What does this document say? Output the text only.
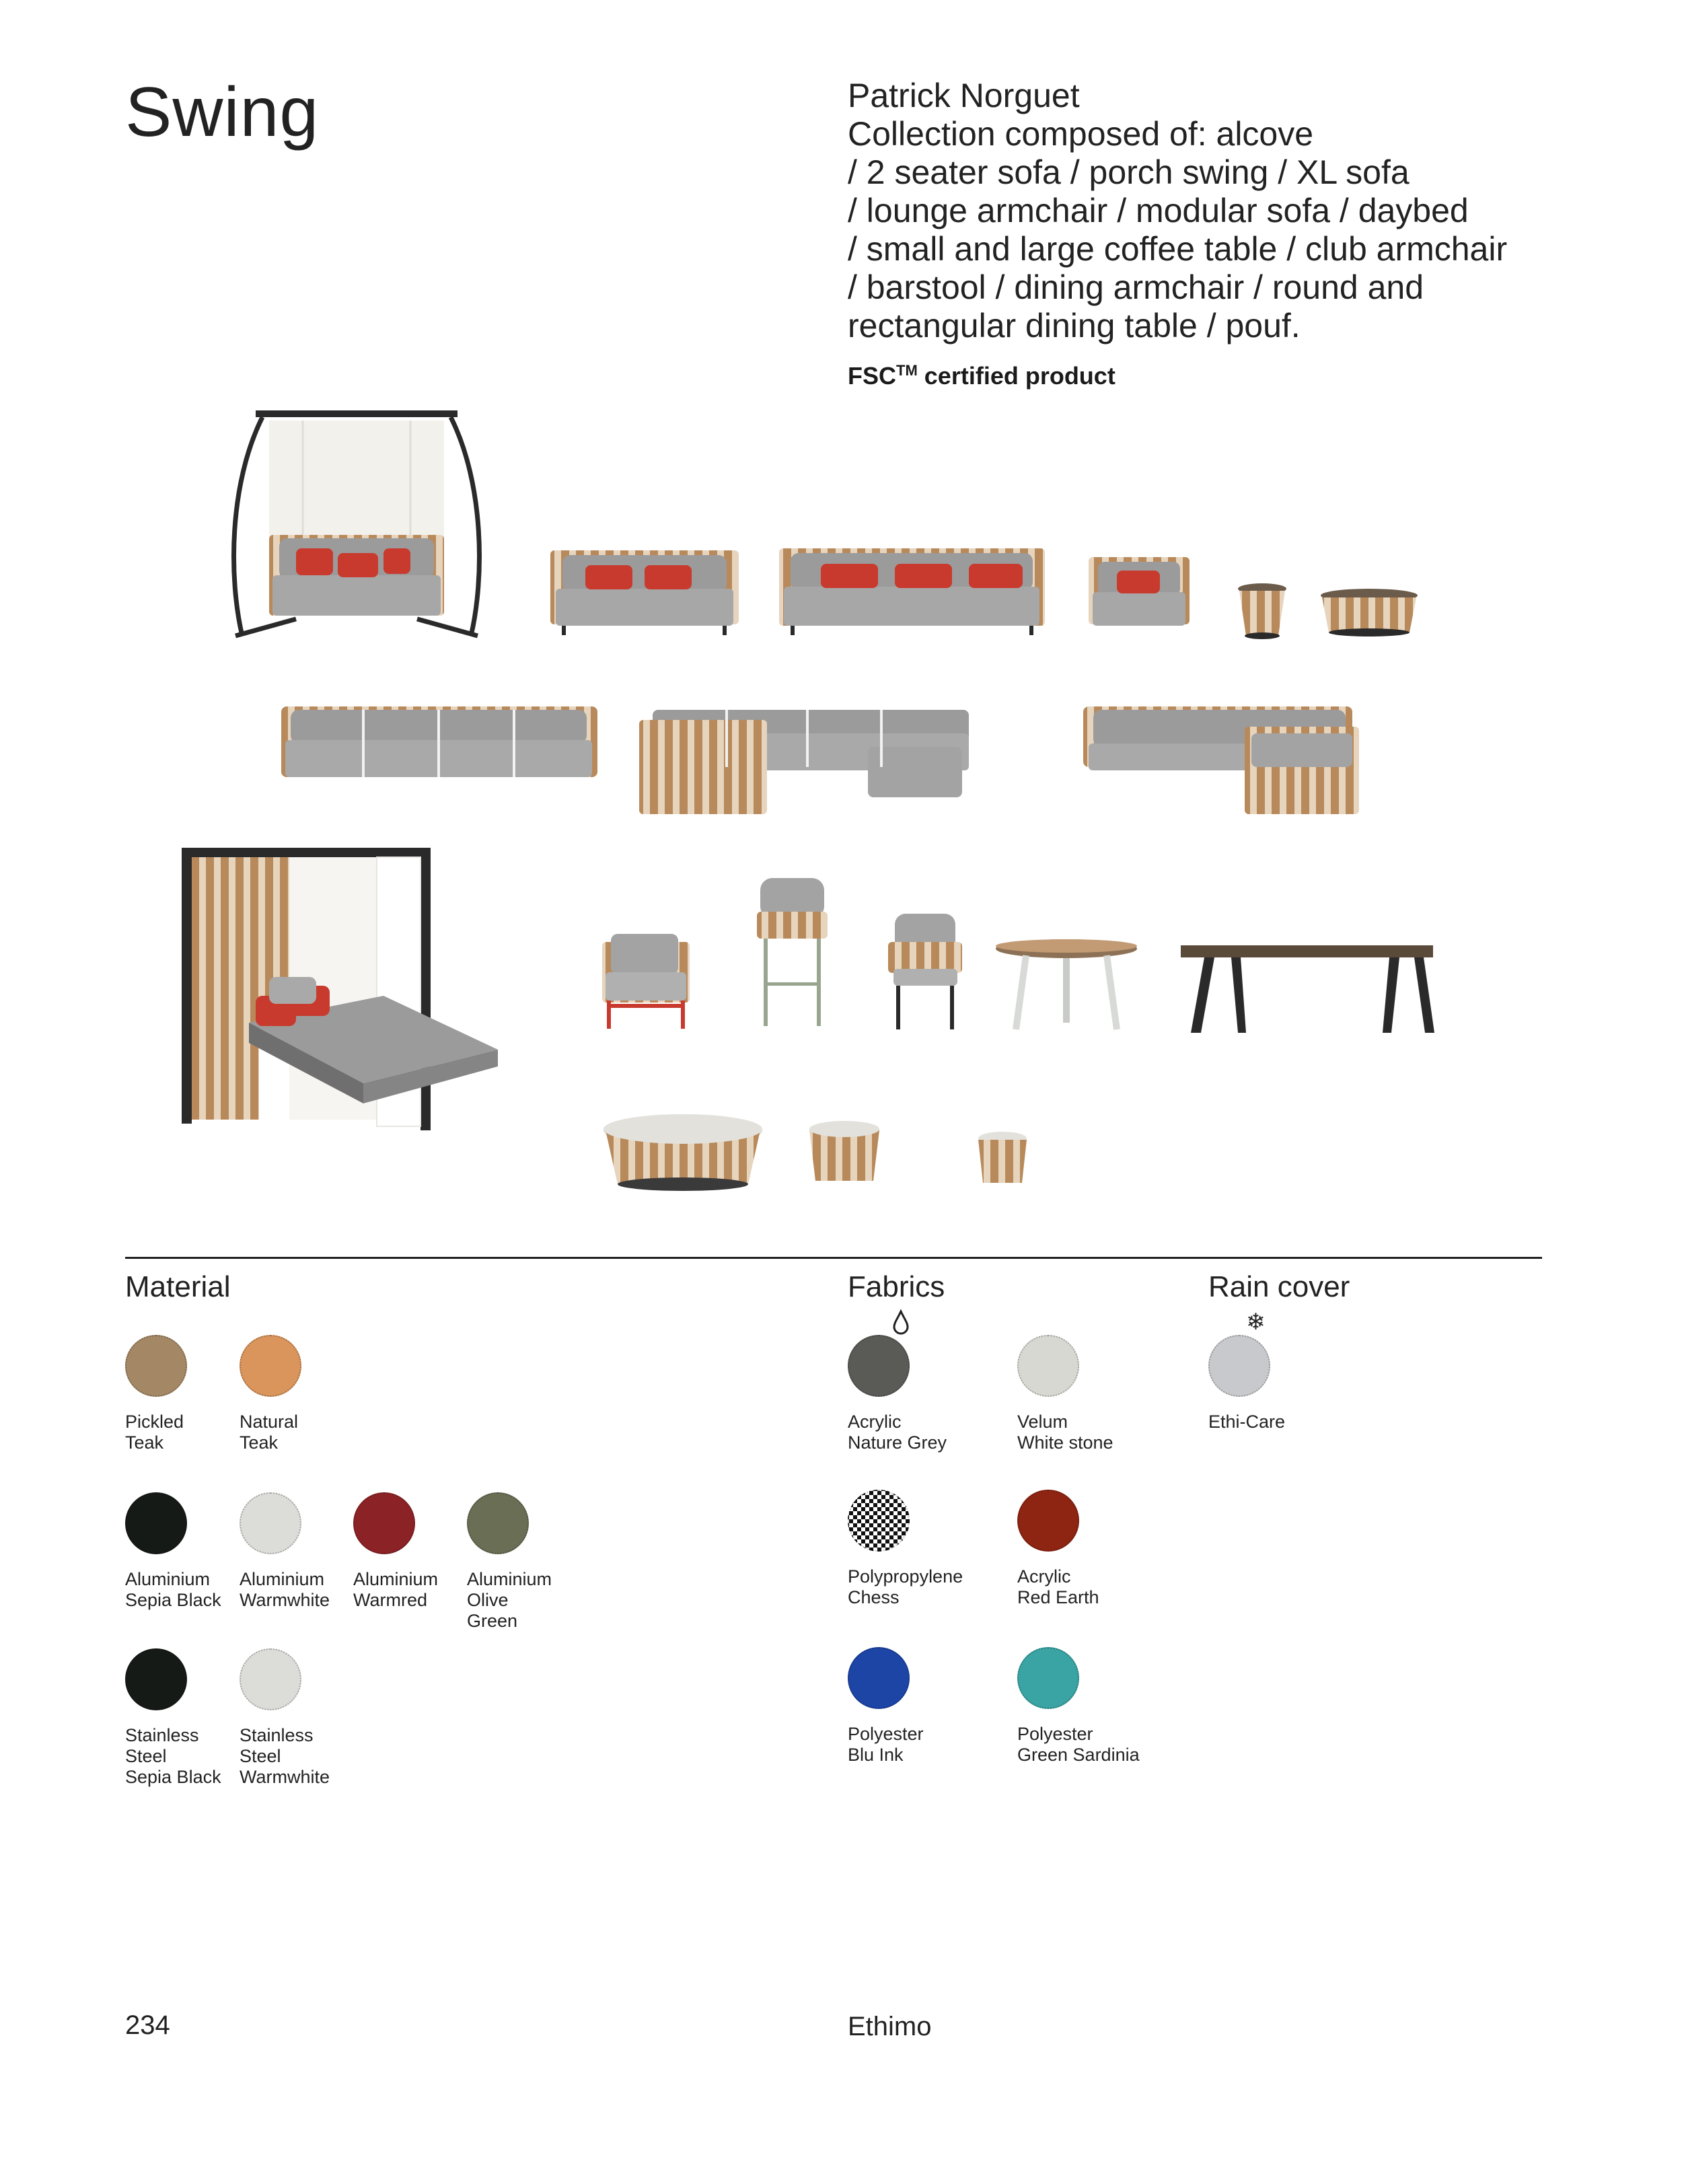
Swing	Patrick Norguet
Collection composed of: alcove
/ 2 seater sofa / porch swing / XL sofa
/ lounge armchair / modular sofa / daybed
/ small and large coffee table / club armchair
/ barstool / dining armchair / round and
rectangular dining table / pouf.
FSC™ certified product
Material
Pickled
Teak
Natural
Teak
Aluminium
Sepia Black
Aluminium
Warmwhite
Aluminium
Warmred
Aluminium
Olive
Green
Stainless
Steel
Sepia Black
Stainless
Steel
Warmwhite
Fabrics
Acrylic
Nature Grey
Velum
White stone
Polypropylene
Chess
Acrylic
Red Earth
Polyester
Blu Ink
Polyester
Green Sardinia
Rain cover
❄
Ethi-Care
234	Ethimo
